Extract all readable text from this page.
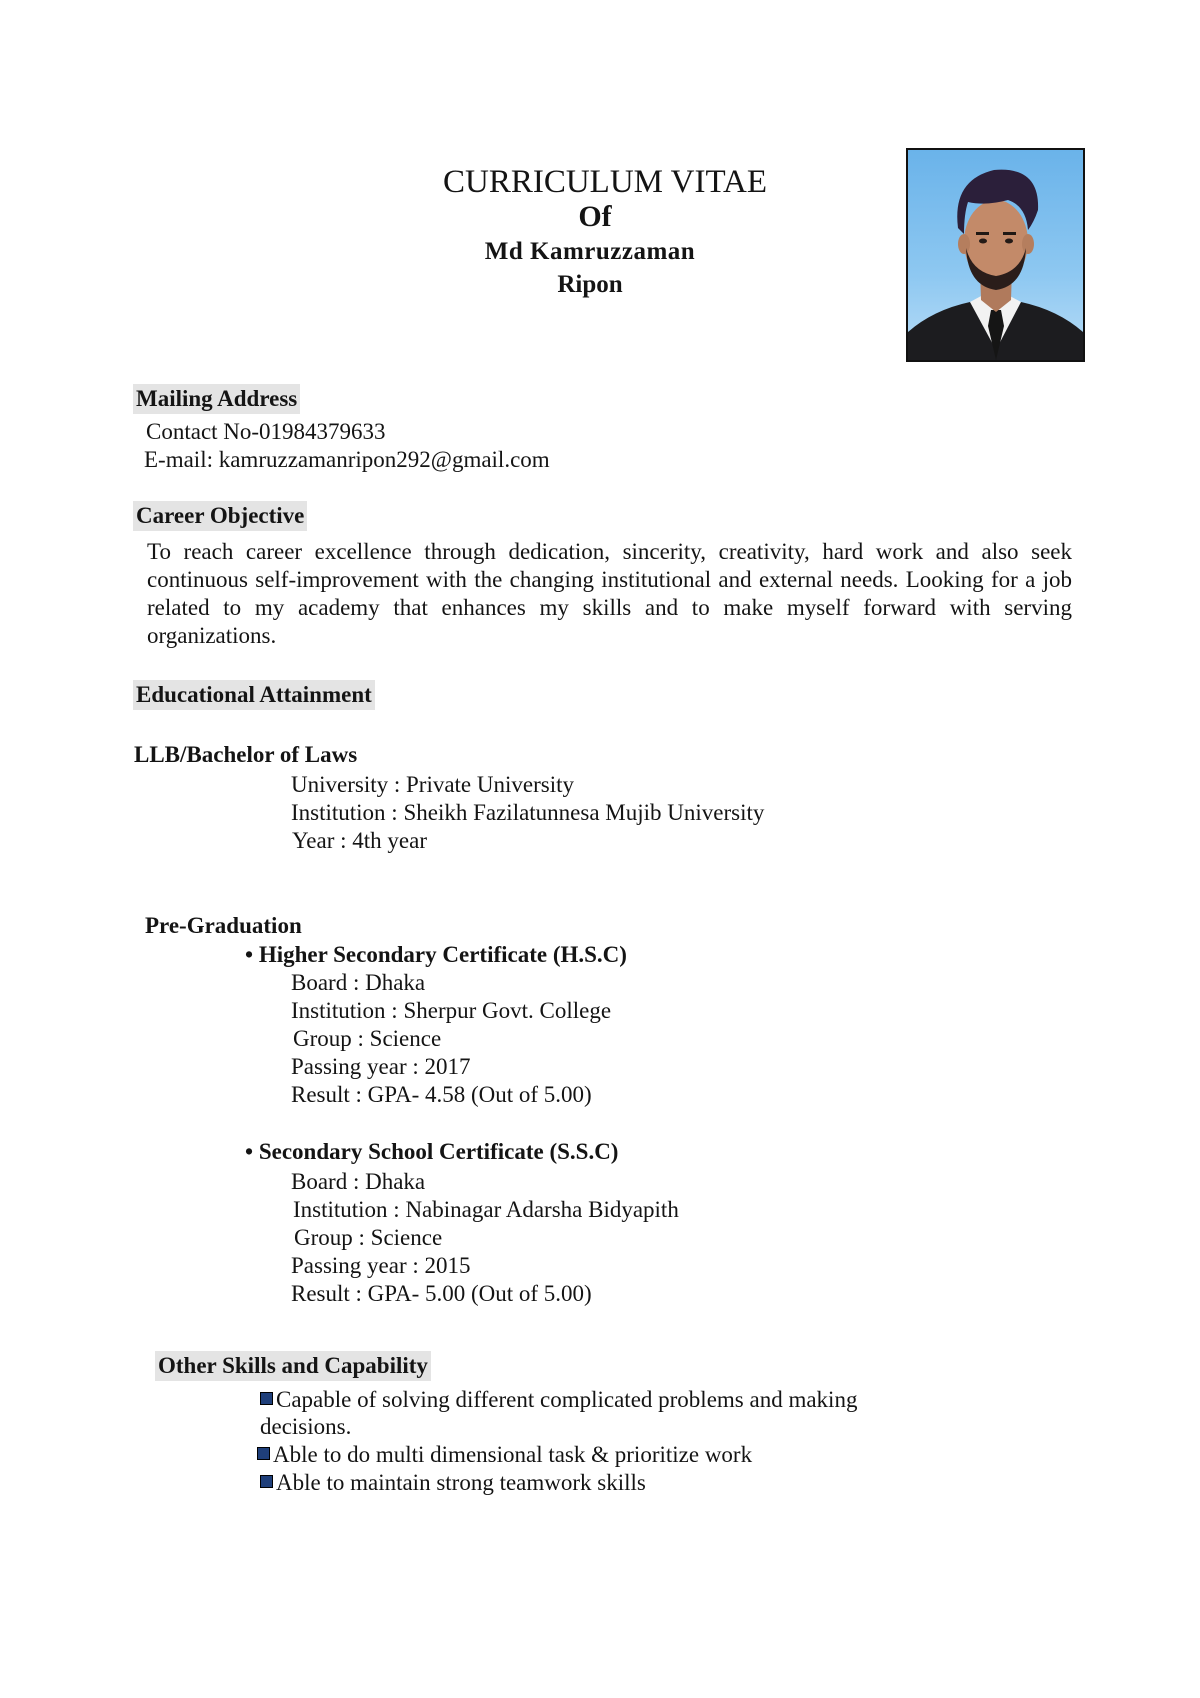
CURRICULUM VITAE
Of
Md Kamruzzaman
Ripon
Mailing Address
Contact No-01984379633
E-mail: kamruzzamanripon292@gmail.com
Career Objective

To reach career excellence through dedication, sincerity, creativity, hard work and also seek continuous self-improvement with the changing institutional and external needs. Looking for a job related to my academy that enhances my skills and to make myself forward with serving organizations.

Educational Attainment
LLB/Bachelor of Laws
University : Private University
Institution : Sheikh Fazilatunnesa Mujib University
Year : 4th year
Pre-Graduation
• Higher Secondary Certificate (H.S.C)
Board : Dhaka
Institution : Sherpur Govt. College
Group : Science
Passing year : 2017
Result : GPA- 4.58 (Out of 5.00)
• Secondary School Certificate (S.S.C)
Board : Dhaka
Institution : Nabinagar Adarsha Bidyapith
Group : Science
Passing year : 2015
Result : GPA- 5.00 (Out of 5.00)
Other Skills and Capability
Capable of solving different complicated problems and making
decisions.
Able to do multi dimensional task & prioritize work
Able to maintain strong teamwork skills
